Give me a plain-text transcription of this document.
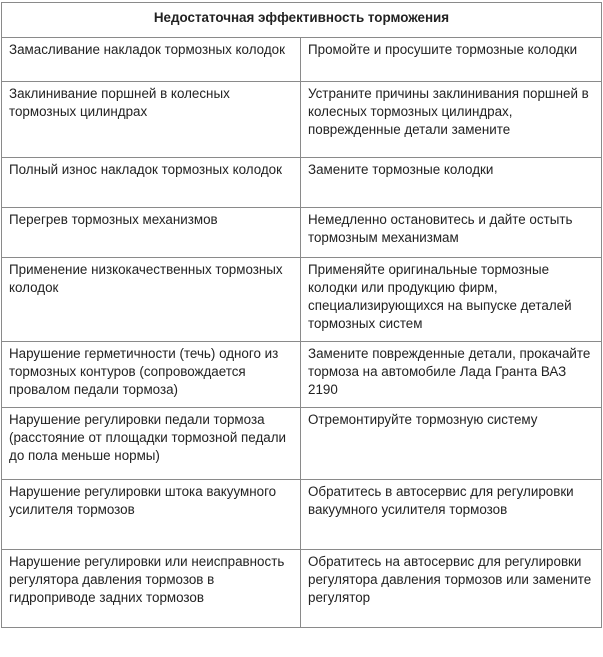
Недостаточная эффективность торможения	
Замасливание накладок тормозных колодок	Промойте и просушите тормозные колодки
Заклинивание поршней в колесных тормозных цилиндрах	Устраните причины заклинивания поршней в колесных тормозных цилиндрах, поврежденные детали замените
Полный износ накладок тормозных колодок	Замените тормозные колодки
Перегрев тормозных механизмов	Немедленно остановитесь и дайте остыть тормозным механизмам
Применение низкокачественных тормозных колодок	Применяйте оригинальные тормозные колодки или продукцию фирм, специализирующихся на выпуске деталей тормозных систем
Нарушение герметичности (течь) одного из тормозных контуров (сопровождается провалом педали тормоза)	Замените поврежденные детали, прокачайте тормоза на автомобиле Лада Гранта ВАЗ 2190
Нарушение регулировки педали тормоза (расстояние от площадки тормозной педали до пола меньше нормы)	Отремонтируйте тормозную систему
Нарушение регулировки штока вакуумного усилителя тормозов	Обратитесь в автосервис для регулировки вакуумного усилителя тормозов
Нарушение регулировки или неисправность регулятора давления тормозов в гидроприводе задних тормозов	Обратитесь на автосервис для регулировки регулятора давления тормозов или замените регулятор
